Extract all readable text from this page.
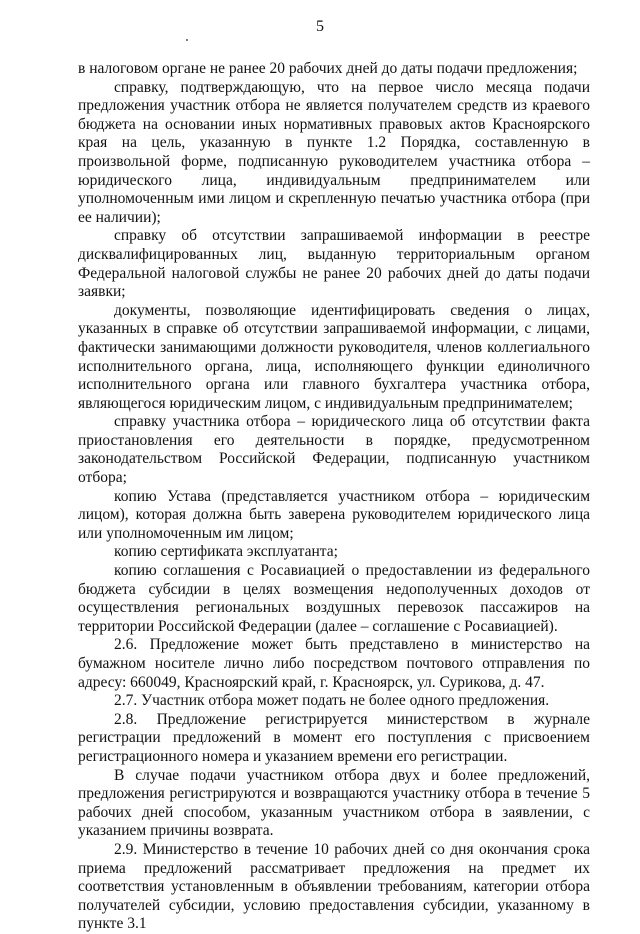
5

в налоговом органе не ранее 20 рабочих дней до даты подачи предложения;

справку, подтверждающую, что на первое число месяца подачи предложения участник отбора не является получателем средств из краевого бюджета на основании иных нормативных правовых актов Красноярского края на цель, указанную в пункте 1.2 Порядка, составленную в произвольной форме, подписанную руководителем участника отбора – юридического лица, индивидуальным предпринимателем или уполномоченным ими лицом и скрепленную печатью участника отбора (при ее наличии);

справку об отсутствии запрашиваемой информации в реестре дисквалифицированных лиц, выданную территориальным органом Федеральной налоговой службы не ранее 20 рабочих дней до даты подачи заявки;

документы, позволяющие идентифицировать сведения о лицах, указанных в справке об отсутствии запрашиваемой информации, с лицами, фактически занимающими должности руководителя, членов коллегиального исполнительного органа, лица, исполняющего функции единоличного исполнительного органа или главного бухгалтера участника отбора, являющегося юридическим лицом, с индивидуальным предпринимателем;

справку участника отбора – юридического лица об отсутствии факта приостановления его деятельности в порядке, предусмотренном законодательством Российской Федерации, подписанную участником отбора;

копию Устава (представляется участником отбора – юридическим лицом), которая должна быть заверена руководителем юридического лица или уполномоченным им лицом;

копию сертификата эксплуатанта;

копию соглашения с Росавиацией о предоставлении из федерального бюджета субсидии в целях возмещения недополученных доходов от осуществления региональных воздушных перевозок пассажиров на территории Российской Федерации (далее – соглашение с Росавиацией).

2.6. Предложение может быть представлено в министерство на бумажном носителе лично либо посредством почтового отправления по адресу: 660049, Красноярский край, г. Красноярск, ул. Сурикова, д. 47.

2.7. Участник отбора может подать не более одного предложения.

2.8. Предложение регистрируется министерством в журнале регистрации предложений в момент его поступления с присвоением регистрационного номера и указанием времени его регистрации.

В случае подачи участником отбора двух и более предложений, предложения регистрируются и возвращаются участнику отбора в течение 5 рабочих дней способом, указанным участником отбора в заявлении, с указанием причины возврата.

2.9. Министерство в течение 10 рабочих дней со дня окончания срока приема предложений рассматривает предложения на предмет их соответствия установленным в объявлении требованиям, категории отбора получателей субсидии, условию предоставления субсидии, указанному в пункте 3.1
